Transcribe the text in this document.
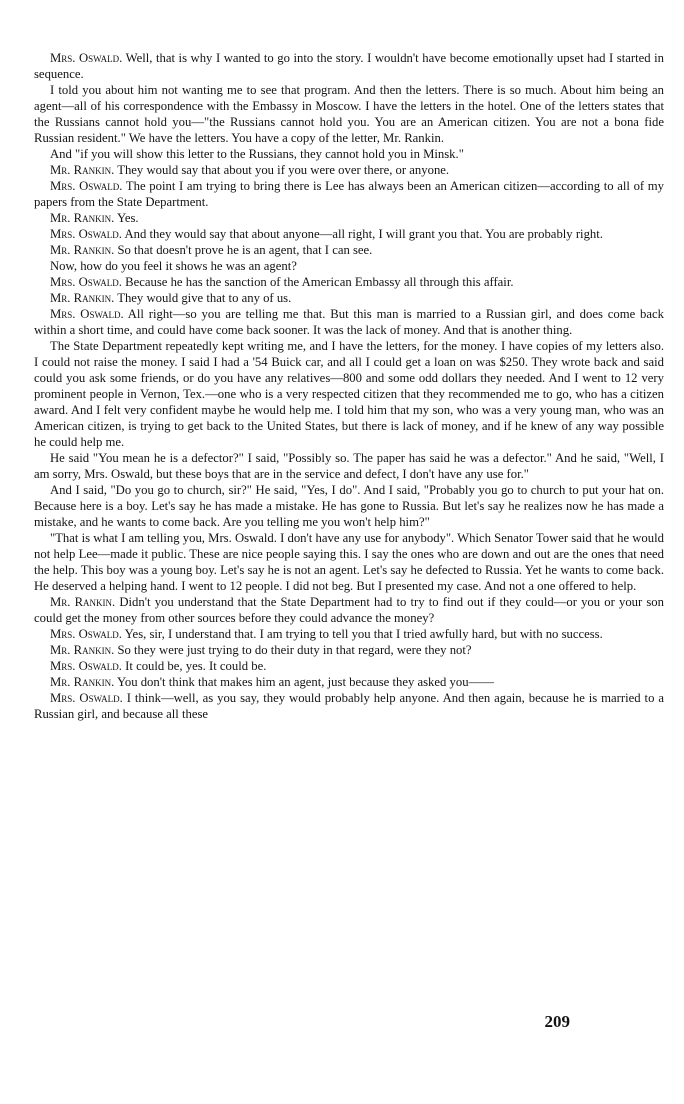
Mrs. Oswald. Well, that is why I wanted to go into the story. I wouldn't have become emotionally upset had I started in sequence.

I told you about him not wanting me to see that program. And then the letters. There is so much. About him being an agent—all of his correspondence with the Embassy in Moscow. I have the letters in the hotel. One of the letters states that the Russians cannot hold you—"the Russians cannot hold you. You are an American citizen. You are not a bona fide Russian resident." We have the letters. You have a copy of the letter, Mr. Rankin.

And "if you will show this letter to the Russians, they cannot hold you in Minsk."

Mr. Rankin. They would say that about you if you were over there, or anyone.

Mrs. Oswald. The point I am trying to bring there is Lee has always been an American citizen—according to all of my papers from the State Department.

Mr. Rankin. Yes.

Mrs. Oswald. And they would say that about anyone—all right, I will grant you that. You are probably right.

Mr. Rankin. So that doesn't prove he is an agent, that I can see.

Now, how do you feel it shows he was an agent?

Mrs. Oswald. Because he has the sanction of the American Embassy all through this affair.

Mr. Rankin. They would give that to any of us.

Mrs. Oswald. All right—so you are telling me that. But this man is married to a Russian girl, and does come back within a short time, and could have come back sooner. It was the lack of money. And that is another thing.

The State Department repeatedly kept writing me, and I have the letters, for the money. I have copies of my letters also. I could not raise the money. I said I had a '54 Buick car, and all I could get a loan on was $250. They wrote back and said could you ask some friends, or do you have any relatives—800 and some odd dollars they needed. And I went to 12 very prominent people in Vernon, Tex.—one who is a very respected citizen that they recommended me to go, who has a citizen award. And I felt very confident maybe he would help me. I told him that my son, who was a very young man, who was an American citizen, is trying to get back to the United States, but there is lack of money, and if he knew of any way possible he could help me.

He said "You mean he is a defector?" I said, "Possibly so. The paper has said he was a defector." And he said, "Well, I am sorry, Mrs. Oswald, but these boys that are in the service and defect, I don't have any use for."

And I said, "Do you go to church, sir?" He said, "Yes, I do". And I said, "Probably you go to church to put your hat on. Because here is a boy. Let's say he has made a mistake. He has gone to Russia. But let's say he realizes now he has made a mistake, and he wants to come back. Are you telling me you won't help him?"

"That is what I am telling you, Mrs. Oswald. I don't have any use for anybody". Which Senator Tower said that he would not help Lee—made it public. These are nice people saying this. I say the ones who are down and out are the ones that need the help. This boy was a young boy. Let's say he is not an agent. Let's say he defected to Russia. Yet he wants to come back. He deserved a helping hand. I went to 12 people. I did not beg. But I presented my case. And not a one offered to help.

Mr. Rankin. Didn't you understand that the State Department had to try to find out if they could—or you or your son could get the money from other sources before they could advance the money?

Mrs. Oswald. Yes, sir, I understand that. I am trying to tell you that I tried awfully hard, but with no success.

Mr. Rankin. So they were just trying to do their duty in that regard, were they not?

Mrs. Oswald. It could be, yes. It could be.

Mr. Rankin. You don't think that makes him an agent, just because they asked you——

Mrs. Oswald. I think—well, as you say, they would probably help anyone. And then again, because he is married to a Russian girl, and because all these

209
